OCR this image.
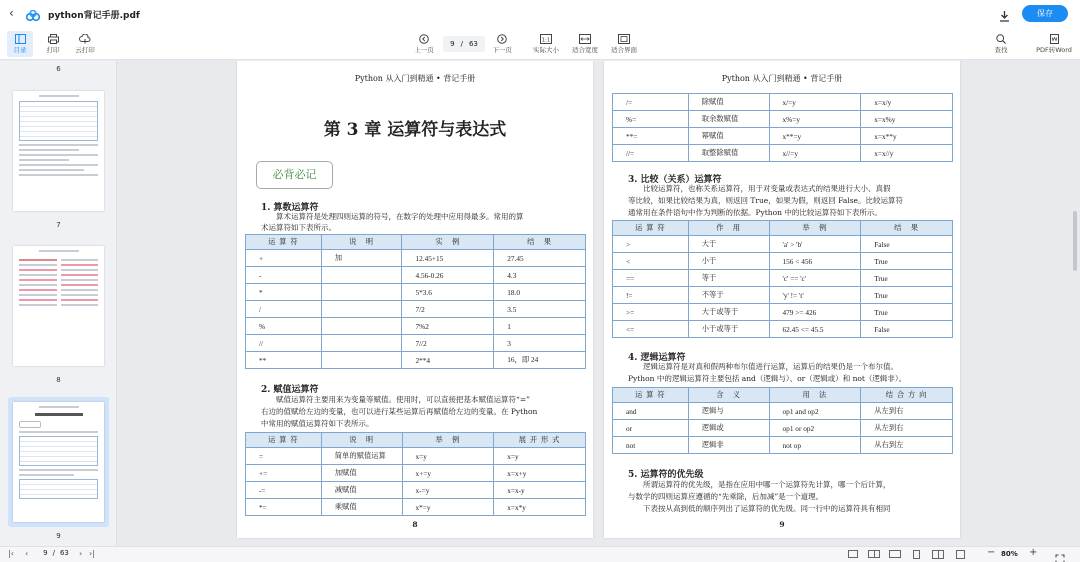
‹	python背记手册.pdf	保存
目录	打印 云打印	上一页
9 / 63
下一页
1:1
实际大小 适合宽度 适合界面	查找	PDF转Word
6
7
8
9
Python 从入门到精通 • 背记手册
第 3 章 运算符与表达式
必背必记
1. 算数运算符
算术运算符是处理四则运算的符号，在数字的处理中应用得最多。常用的算
术运算符如下表所示。
运 算 符	说　明	实　例	结　果
+	加	12.45+15	27.45
-		4.56-0.26	4.3
*		5*3.6	18.0
/		7/2	3.5
%		7%2	1
//		7//2	3
**		2**4	16，即 24
2. 赋值运算符
赋值运算符主要用来为变量等赋值。使用时，可以直接把基本赋值运算符“=”
右边的值赋给左边的变量，也可以进行某些运算后再赋值给左边的变量。在 Python
中常用的赋值运算符如下表所示。
运 算 符	说　明	举　例	展 开 形 式
=	简单的赋值运算	x=y	x=y
+=	加赋值	x+=y	x=x+y
-=	减赋值	x-=y	x=x-y
*=	乘赋值	x*=y	x=x*y
8
Python 从入门到精通 • 背记手册
/=	除赋值	x/=y	x=x/y
%=	取余数赋值	x%=y	x=x%y
**=	幂赋值	x**=y	x=x**y
//=	取整除赋值	x//=y	x=x//y
3. 比较（关系）运算符
比较运算符，也称关系运算符，用于对变量或表达式的结果进行大小、真假
等比较，如果比较结果为真，则返回 True，如果为假，则返回 False。比较运算符
通常用在条件语句中作为判断的依据。Python 中的比较运算符如下表所示。
运 算 符	作　用	举　例	结　果
>	大于	'a' > 'b'	False
<	小于	156 < 456	True
==	等于	'c' == 'c'	True
!=	不等于	'y' != 't'	True
>=	大于或等于	479 >= 426	True
<=	小于或等于	62.45 <= 45.5	False
4. 逻辑运算符
逻辑运算符是对真和假两种布尔值进行运算，运算后的结果仍是一个布尔值。
Python 中的逻辑运算符主要包括 and（逻辑与）、or（逻辑或）和 not（逻辑非）。
运 算 符	含　义	用　法	结 合 方 向
and	逻辑与	op1 and op2	从左到右
or	逻辑或	op1 or op2	从左到右
not	逻辑非	not op	从右到左
5. 运算符的优先级
所谓运算符的优先级，是指在应用中哪一个运算符先计算，哪一个后计算，
与数学的四则运算应遵循的“先乘除，后加减”是一个道理。
下表按从高到低的顺序列出了运算符的优先级。同一行中的运算符具有相同
9
|‹ ‹ 9 / 63 › ›|	− 80% +
